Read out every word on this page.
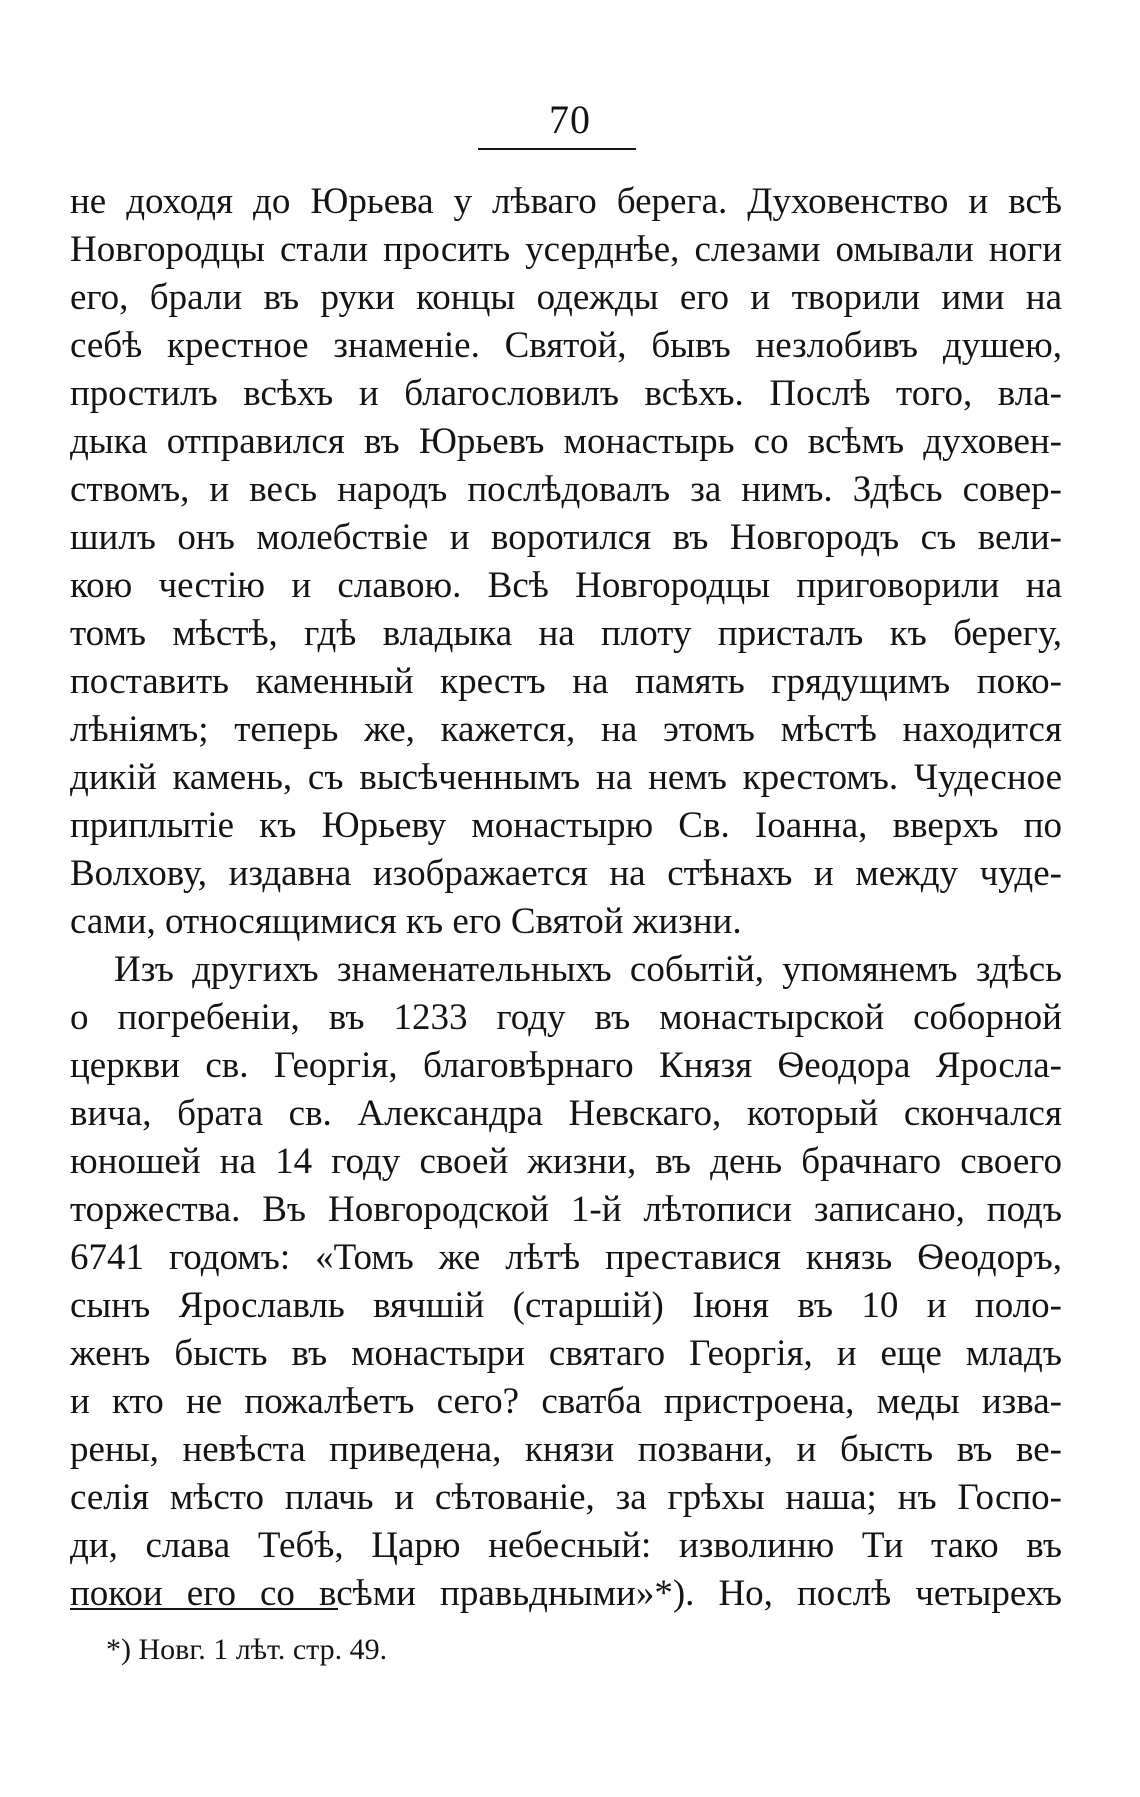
70
не доходя до Юрьева у лѣваго берега. Духовенство и всѣ
Новгородцы стали просить усерднѣе, слезами омывали ноги
его, брали въ руки концы одежды его и творили ими на
себѣ крестное знаменіе. Святой, бывъ незлобивъ душею,
простилъ всѣхъ и благословилъ всѣхъ. Послѣ того, вла-
дыка отправился въ Юрьевъ монастырь со всѣмъ духовен-
ствомъ, и весь народъ послѣдовалъ за нимъ. Здѣсь совер-
шилъ онъ молебствіе и воротился въ Новгородъ съ вели-
кою честію и славою. Всѣ Новгородцы приговорили на
томъ мѣстѣ, гдѣ владыка на плоту присталъ къ берегу,
поставить каменный крестъ на память грядущимъ поко-
лѣніямъ; теперь же, кажется, на этомъ мѣстѣ находится
дикій камень, съ высѣченнымъ на немъ крестомъ. Чудесное
приплытіе къ Юрьеву монастырю Св. Іоанна, вверхъ по
Волхову, издавна изображается на стѣнахъ и между чуде-
сами, относящимися къ его Святой жизни.
Изъ другихъ знаменательныхъ событій, упомянемъ здѣсь
о погребеніи, въ 1233 году въ монастырской соборной
церкви св. Георгія, благовѣрнаго Князя Ѳеодора Яросла-
вича, брата св. Александра Невскаго, который скончался
юношей на 14 году своей жизни, въ день брачнаго своего
торжества. Въ Новгородской 1-й лѣтописи записано, подъ
6741 годомъ: «Томъ же лѣтѣ преставися князь Ѳеодоръ,
сынъ Ярославль вячшій (старшій) Іюня въ 10 и поло-
женъ бысть въ монастыри святаго Георгія, и еще младъ
и кто не пожалѣетъ сего? сватба пристроена, меды изва-
рены, невѣста приведена, князи позвани, и бысть въ ве-
селія мѣсто плачь и сѣтованіе, за грѣхы наша; нъ Госпо-
ди, слава Тебѣ, Царю небесный: изволиню Ти тако въ
покои его со всѣми правьдными»*). Но, послѣ четырехъ
*) Новг. 1 лѣт. стр. 49.
